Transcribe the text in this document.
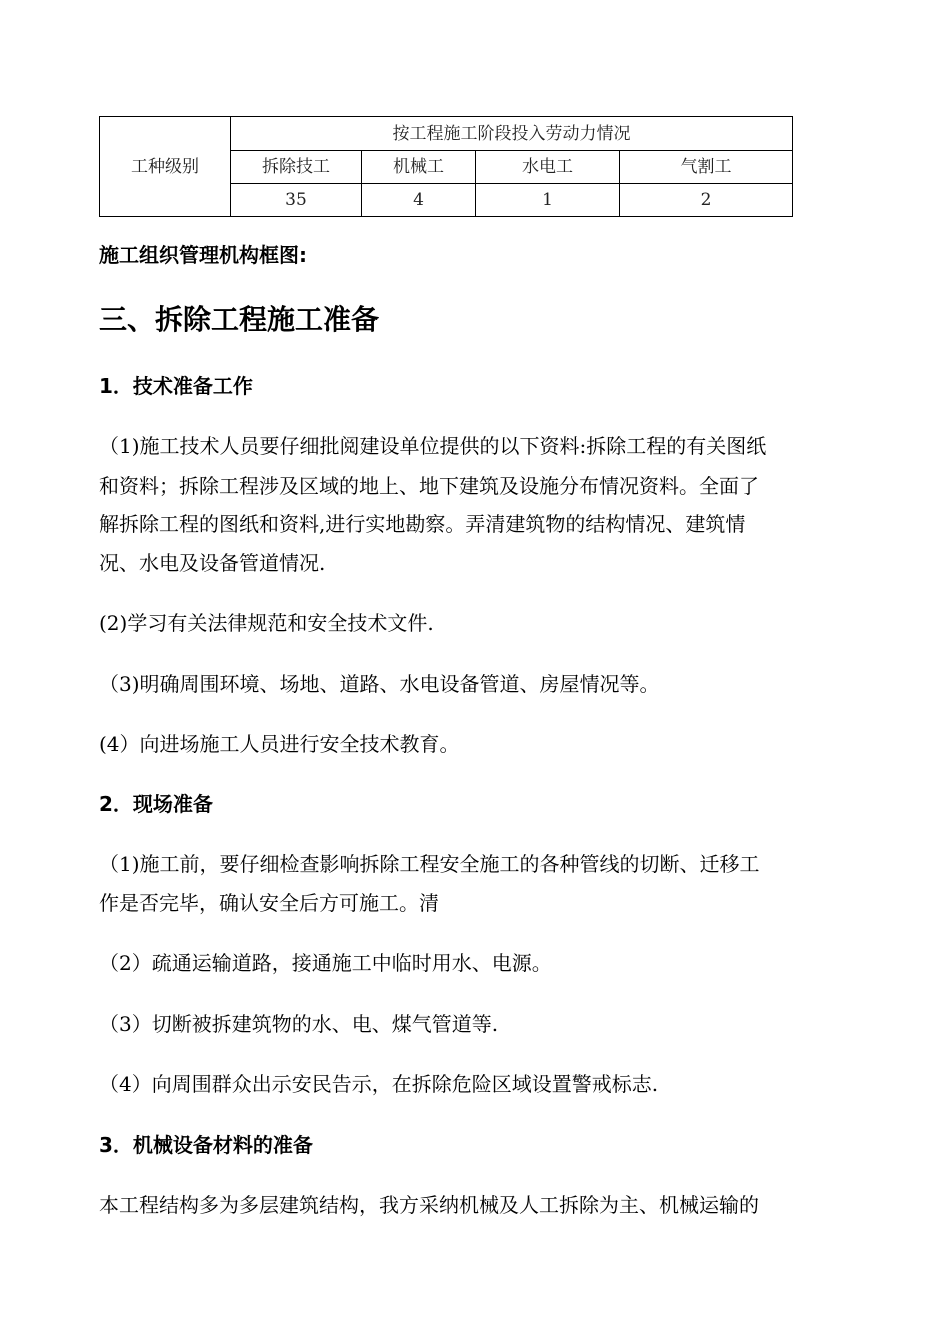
工种级别	按工程施工阶段投入劳动力情况			
	拆除技工	机械工	水电工	气割工
	35	4	1	2
施工组织管理机构框图:
三、拆除工程施工准备
1．技术准备工作
（1)施工技术人员要仔细批阅建设单位提供的以下资料:拆除工程的有关图纸
和资料；拆除工程涉及区域的地上、地下建筑及设施分布情况资料。全面了
解拆除工程的图纸和资料,进行实地勘察。弄清建筑物的结构情况、建筑情
况、水电及设备管道情况.
(2)学习有关法律规范和安全技术文件.
（3)明确周围环境、场地、道路、水电设备管道、房屋情况等。
(4）向进场施工人员进行安全技术教育。
2．现场准备
（1)施工前，要仔细检查影响拆除工程安全施工的各种管线的切断、迁移工
作是否完毕，确认安全后方可施工。清
（2）疏通运输道路，接通施工中临时用水、电源。
（3）切断被拆建筑物的水、电、煤气管道等.
（4）向周围群众出示安民告示，在拆除危险区域设置警戒标志.
3．机械设备材料的准备
本工程结构多为多层建筑结构，我方采纳机械及人工拆除为主、机械运输的
